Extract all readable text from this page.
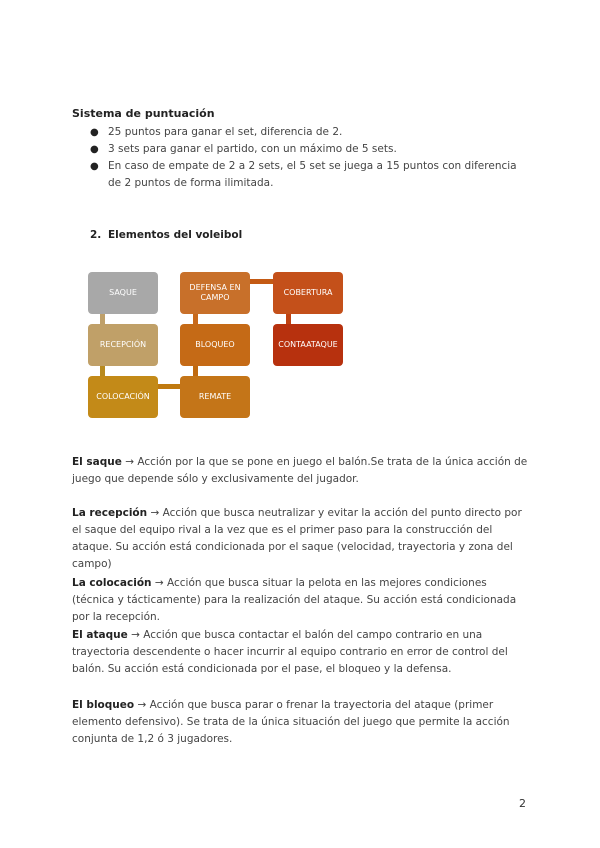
Sistema de puntuación
● 25 puntos para ganar el set, diferencia de 2.
● 3 sets para ganar el partido, con un máximo de 5 sets.
● En caso de empate de 2 a 2 sets, el 5 set se juega a 15 puntos con diferencia de 2 puntos de forma ilimitada.
2. Elementos del voleibol
SAQUE
RECEPCIÓN
COLOCACIÓN
DEFENSA EN CAMPO
BLOQUEO
REMATE
COBERTURA
CONTAATAQUE

El saque → Acción por la que se pone en juego el balón.Se trata de la única acción de juego que depende sólo y exclusivamente del jugador.

La recepción → Acción que busca neutralizar y evitar la acción del punto directo por el saque del equipo rival a la vez que es el primer paso para la construcción del ataque. Su acción está condicionada por el saque (velocidad, trayectoria y zona del campo)

La colocación → Acción que busca situar la pelota en las mejores condiciones (técnica y tácticamente) para la realización del ataque. Su acción está condicionada por la recepción.

El ataque → Acción que busca contactar el balón del campo contrario en una trayectoria descendente o hacer incurrir al equipo contrario en error de control del balón. Su acción está condicionada por el pase, el bloqueo y la defensa.

El bloqueo → Acción que busca parar o frenar la trayectoria del ataque (primer elemento defensivo). Se trata de la única situación del juego que permite la acción conjunta de 1,2 ó 3 jugadores.

2
